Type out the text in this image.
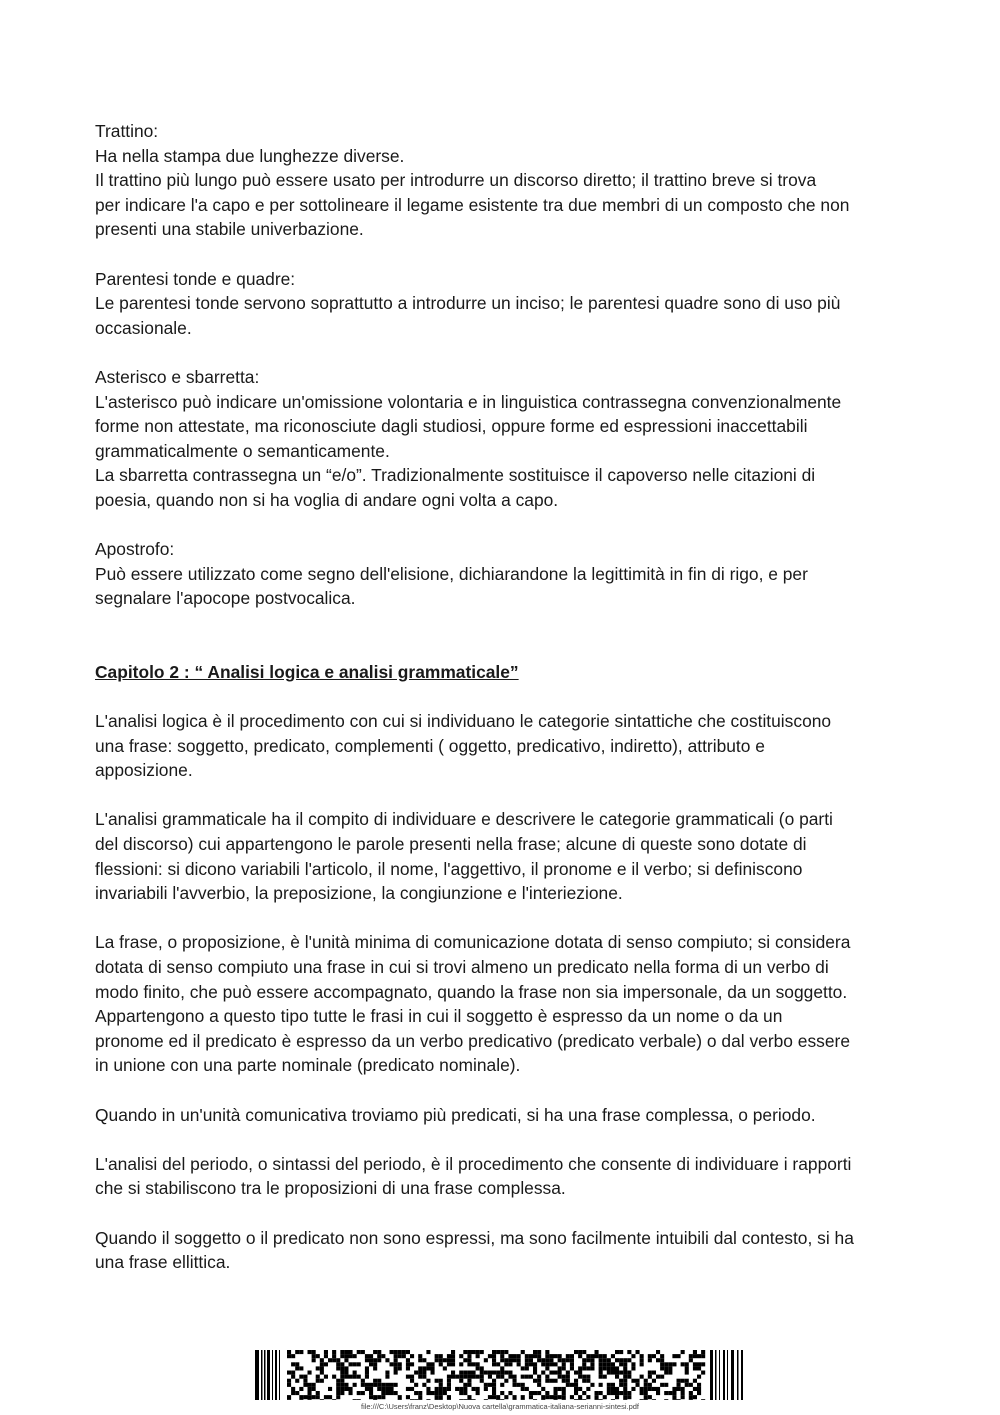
Trattino:
Ha nella stampa due lunghezze diverse.
Il trattino più lungo può essere usato per introdurre un discorso diretto; il trattino breve si trova
per indicare l'a capo e per sottolineare il legame esistente tra due membri di un composto che non
presenti una stabile univerbazione.
Parentesi tonde e quadre:
Le parentesi tonde servono soprattutto a introdurre un inciso; le parentesi quadre sono di uso più
occasionale.
Asterisco e sbarretta:
L'asterisco può indicare un'omissione volontaria e in linguistica contrassegna convenzionalmente
forme non attestate, ma riconosciute dagli studiosi, oppure forme ed espressioni inaccettabili
grammaticalmente o semanticamente.
La sbarretta contrassegna un “e/o”. Tradizionalmente sostituisce il capoverso nelle citazioni di
poesia, quando non si ha voglia di andare ogni volta a capo.
Apostrofo:
Può essere utilizzato come segno dell'elisione, dichiarandone la legittimità in fin di rigo, e per
segnalare l'apocope postvocalica.
Capitolo 2 : “ Analisi logica e analisi grammaticale”
L'analisi logica è il procedimento con cui si individuano le categorie sintattiche che costituiscono
una frase: soggetto, predicato, complementi ( oggetto, predicativo, indiretto), attributo e
apposizione.
L'analisi grammaticale ha il compito di individuare e descrivere le categorie grammaticali (o parti
del discorso) cui appartengono le parole presenti nella frase; alcune di queste sono dotate di
flessioni: si dicono variabili l'articolo, il nome, l'aggettivo, il pronome e il verbo; si definiscono
invariabili l'avverbio, la preposizione, la congiunzione e l'interiezione.
La frase, o proposizione, è l'unità minima di comunicazione dotata di senso compiuto; si considera
dotata di senso compiuto una frase in cui si trovi almeno un predicato nella forma di un verbo di
modo finito, che può essere accompagnato, quando la frase non sia impersonale, da un soggetto.
Appartengono a questo tipo tutte le frasi in cui il soggetto è espresso da un nome o da un
pronome ed il predicato è espresso da un verbo predicativo (predicato verbale) o dal verbo essere
in unione con una parte nominale (predicato nominale).
Quando in un'unità comunicativa troviamo più predicati, si ha una frase complessa, o periodo.
L'analisi del periodo, o sintassi del periodo, è il procedimento che consente di individuare i rapporti
che si stabiliscono tra le proposizioni di una frase complessa.
Quando il soggetto o il predicato non sono espressi, ma sono facilmente intuibili dal contesto, si ha
una frase ellittica.
file:///C:\Users\franz\Desktop\Nuova cartella\grammatica-italiana-serianni-sintesi.pdf
